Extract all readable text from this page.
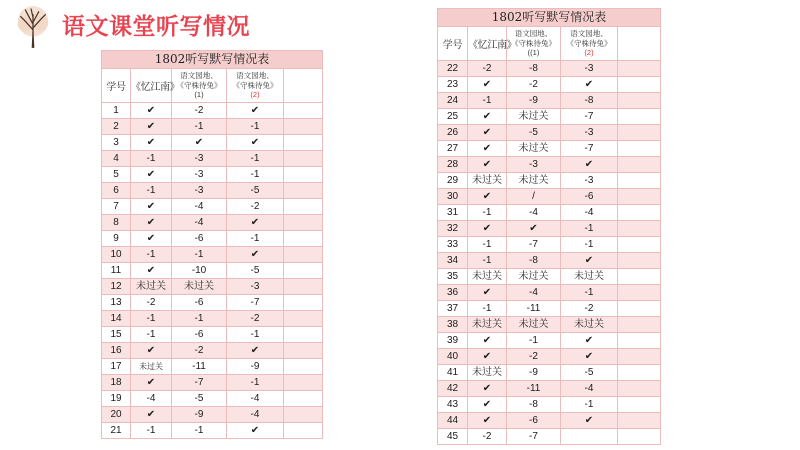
语文课堂听写情况
1802听写默写情况表				
学号	《忆江南》	语文园地、
《守株待兔》
(1)	语文园地、
《守株待兔》
(2)	

1	✔	-2	✔	
2	✔	-1	-1	
3	✔	✔	✔	
4	-1	-3	-1	
5	✔	-3	-1	
6	-1	-3	-5	
7	✔	-4	-2	
8	✔	-4	✔	
9	✔	-6	-1	
10	-1	-1	✔	
11	✔	-10	-5	
12	未过关	未过关	-3	
13	-2	-6	-7	
14	-1	-1	-2	
15	-1	-6	-1	
16	✔	-2	✔	
17	未过关	-11	-9	
18	✔	-7	-1	
19	-4	-5	-4	
20	✔	-9	-4	
21	-1	-1	✔	
1802听写默写情况表				
学号	《忆江南》	语文园地、
《守株待兔》
((1)	语文园地、
《守株待兔》
(2)	

22	-2	-8	-3	
23	✔	-2	✔	
24	-1	-9	-8	
25	✔	未过关	-7	
26	✔	-5	-3	
27	✔	未过关	-7	
28	✔	-3	✔	
29	未过关	未过关	-3	
30	✔	/	-6	
31	-1	-4	-4	
32	✔	✔	-1	
33	-1	-7	-1	
34	-1	-8	✔	
35	未过关	未过关	未过关	
36	✔	-4	-1	
37	-1	-11	-2	
38	未过关	未过关	未过关	
39	✔	-1	✔	
40	✔	-2	✔	
41	未过关	-9	-5	
42	✔	-11	-4	
43	✔	-8	-1	
44	✔	-6	✔	
45	-2	-7		
